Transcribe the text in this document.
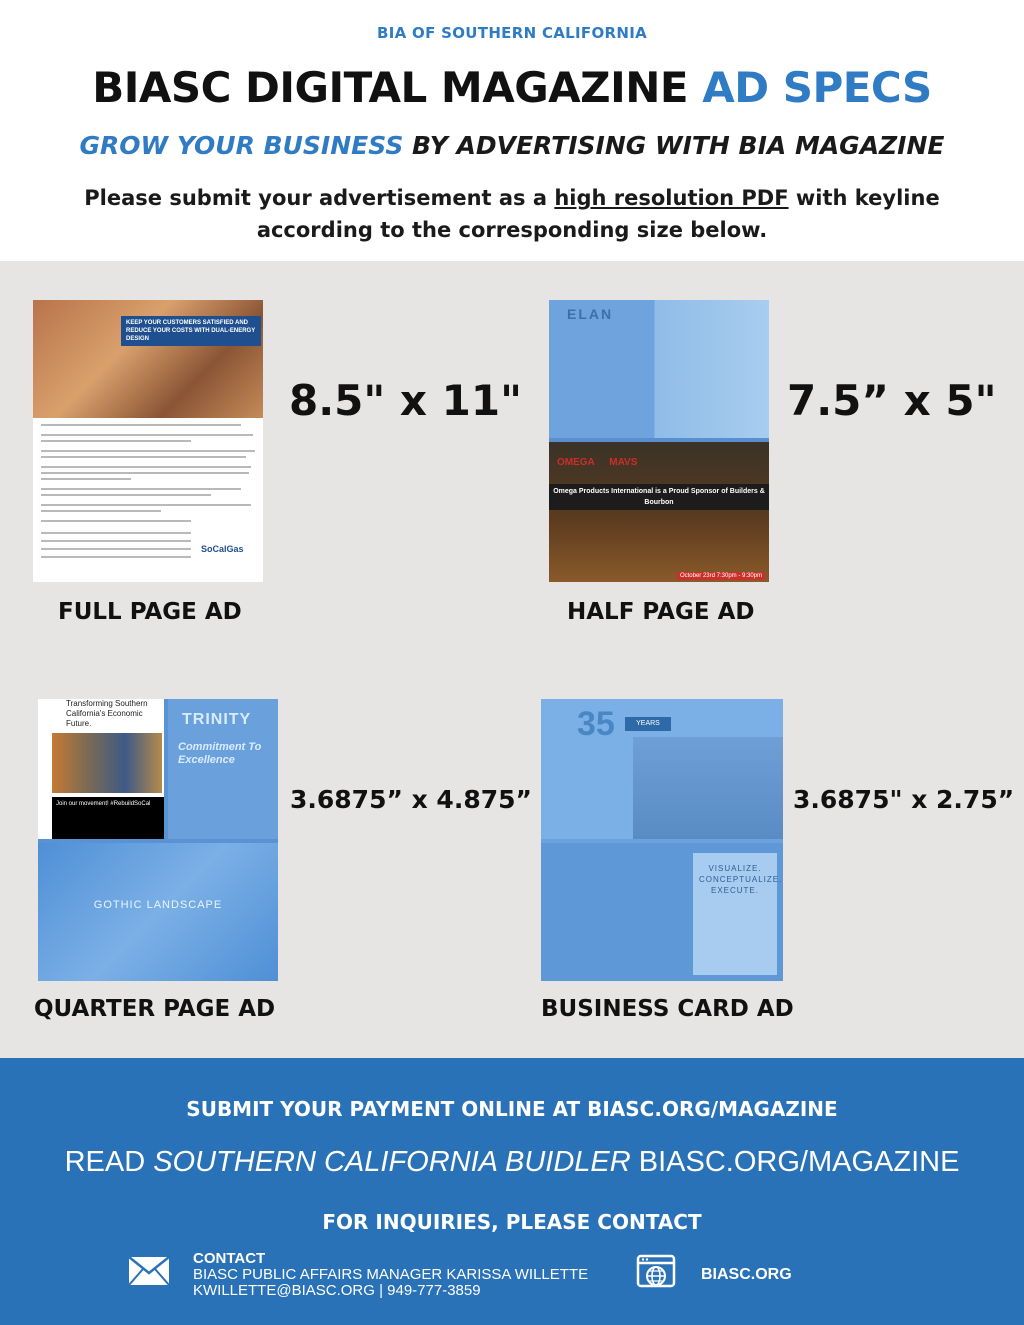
BIA OF SOUTHERN CALIFORNIA
BIASC DIGITAL MAGAZINE AD SPECS
GROW YOUR BUSINESS BY ADVERTISING WITH BIA MAGAZINE
Please submit your advertisement as a high resolution PDF with keyline according to the corresponding size below.
KEEP YOUR CUSTOMERS SATISFIED AND REDUCE YOUR COSTS WITH DUAL-ENERGY DESIGN
SoCalGas
8.5" x 11"
FULL PAGE AD
ELAN
OMEGA MAVS
Omega Products International is a Proud Sponsor of Builders & Bourbon
October 23rd 7:30pm - 9:30pm
7.5” x 5"
HALF PAGE AD
Transforming Southern California's Economic Future.
Join our movement! #RebuildSoCal
TRINITY
Commitment To Excellence
GOTHIC LANDSCAPE
3.6875” x 4.875”
QUARTER PAGE AD
35	YEARS
VISUALIZE. CONCEPTUALIZE. EXECUTE.
3.6875" x 2.75”
BUSINESS CARD AD
SUBMIT YOUR PAYMENT ONLINE AT BIASC.ORG/MAGAZINE
READ SOUTHERN CALIFORNIA BUIDLER BIASC.ORG/MAGAZINE
FOR INQUIRIES, PLEASE CONTACT
CONTACT
BIASC PUBLIC AFFAIRS MANAGER KARISSA WILLETTE
KWILLETTE@BIASC.ORG | 949-777-3859
BIASC.ORG
